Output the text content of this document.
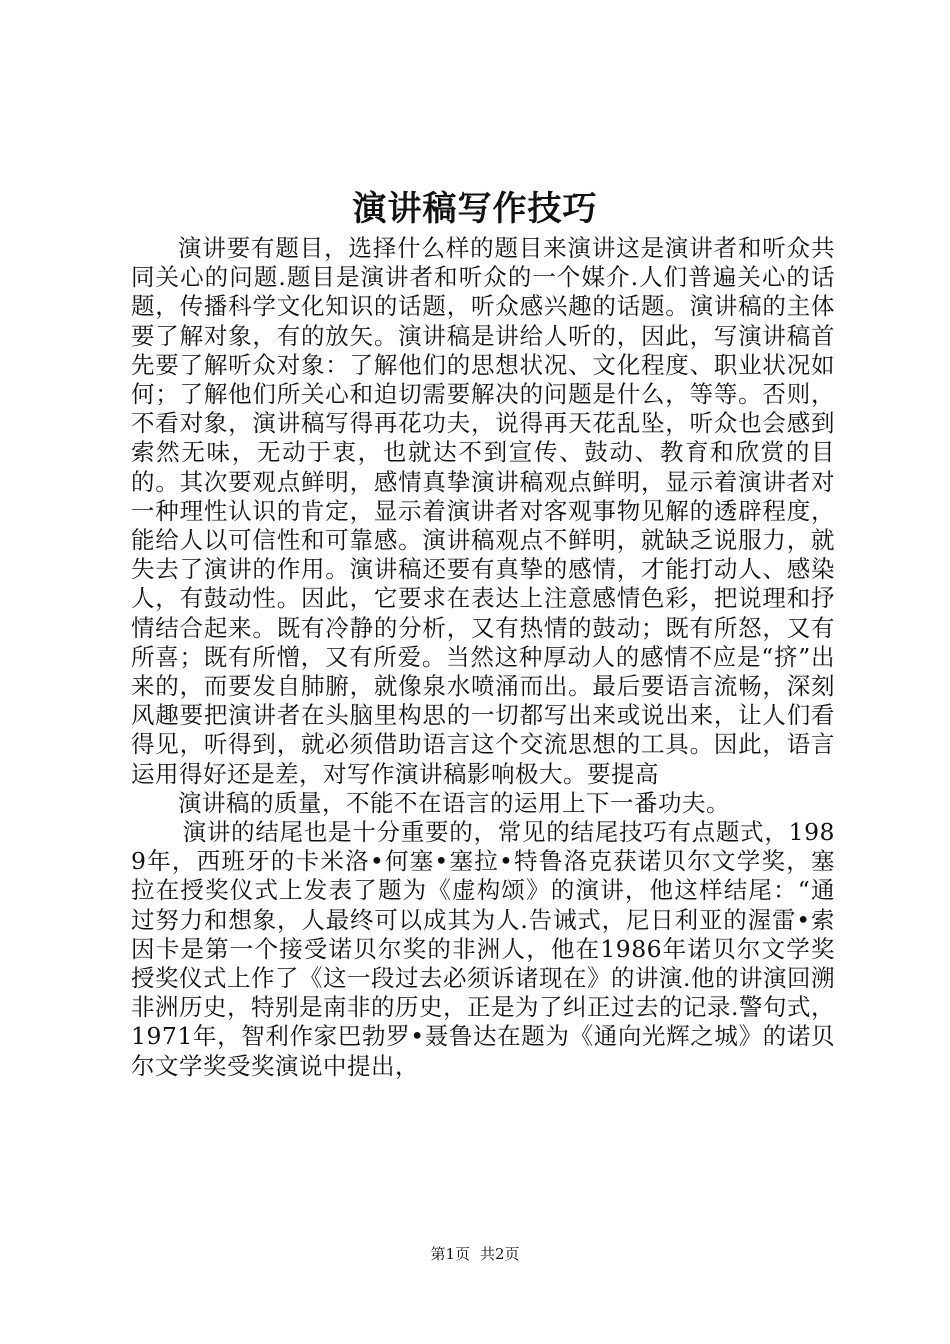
演讲稿写作技巧

演讲要有题目，选择什么样的题目来演讲这是演讲者和听众共同关心的问题.题目是演讲者和听众的一个媒介.人们普遍关心的话题，传播科学文化知识的话题，听众感兴趣的话题。演讲稿的主体要了解对象，有的放矢。演讲稿是讲给人听的，因此，写演讲稿首先要了解听众对象：了解他们的思想状况、文化程度、职业状况如何；了解他们所关心和迫切需要解决的问题是什么，等等。否则，不看对象，演讲稿写得再花功夫，说得再天花乱坠，听众也会感到索然无味，无动于衷，也就达不到宣传、鼓动、教育和欣赏的目的。其次要观点鲜明，感情真挚演讲稿观点鲜明，显示着演讲者对一种理性认识的肯定，显示着演讲者对客观事物见解的透辟程度，能给人以可信性和可靠感。演讲稿观点不鲜明，就缺乏说服力，就失去了演讲的作用。演讲稿还要有真挚的感情，才能打动人、感染人，有鼓动性。因此，它要求在表达上注意感情色彩，把说理和抒情结合起来。既有冷静的分析，又有热情的鼓动；既有所怒，又有所喜；既有所憎，又有所爱。当然这种厚动人的感情不应是“挤”出来的，而要发自肺腑，就像泉水喷涌而出。最后要语言流畅，深刻风趣要把演讲者在头脑里构思的一切都写出来或说出来，让人们看得见，听得到，就必须借助语言这个交流思想的工具。因此，语言运用得好还是差，对写作演讲稿影响极大。要提高

演讲稿的质量，不能不在语言的运用上下一番功夫。

演讲的结尾也是十分重要的，常见的结尾技巧有点题式，1989年，西班牙的卡米洛•何塞•塞拉•特鲁洛克获诺贝尔文学奖，塞拉在授奖仪式上发表了题为《虚构颂》的演讲，他这样结尾：“通过努力和想象，人最终可以成其为人.告诫式，尼日利亚的渥雷•索因卡是第一个接受诺贝尔奖的非洲人，他在1986年诺贝尔文学奖授奖仪式上作了《这一段过去必须诉诸现在》的讲演.他的讲演回溯非洲历史，特别是南非的历史，正是为了纠正过去的记录.警句式，1971年，智利作家巴勃罗•聂鲁达在题为《通向光辉之城》的诺贝尔文学奖受奖演说中提出，

第1页 共2页
